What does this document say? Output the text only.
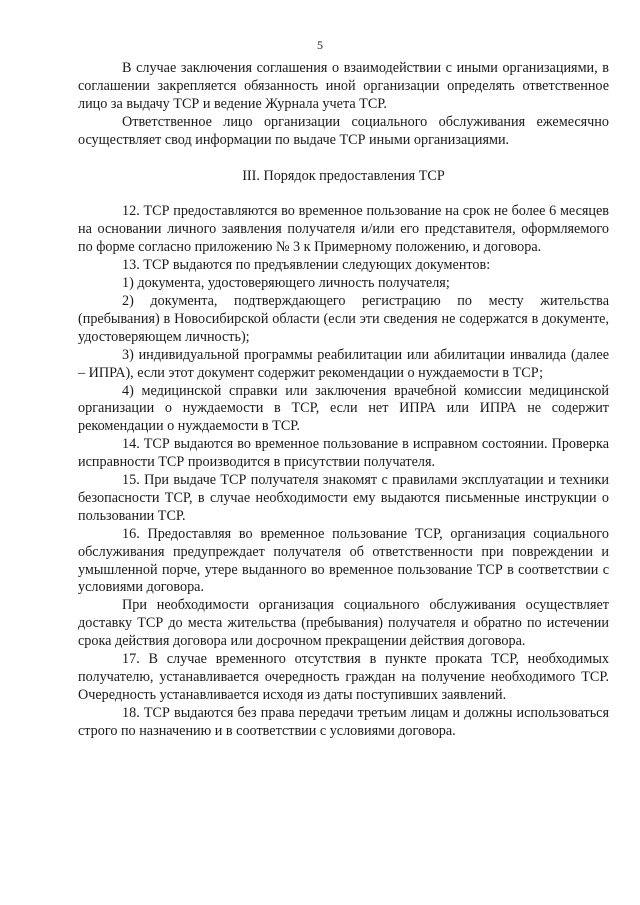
5

В случае заключения соглашения о взаимодействии с иными организациями, в соглашении закрепляется обязанность иной организации определять ответственное лицо за выдачу ТСР и ведение Журнала учета ТСР.

Ответственное лицо организации социального обслуживания ежемесячно осуществляет свод информации по выдаче ТСР иными организациями.

III. Порядок предоставления ТСР

12. ТСР предоставляются во временное пользование на срок не более 6 месяцев на основании личного заявления получателя и/или его представителя, оформляемого по форме согласно приложению № 3 к Примерному положению, и договора.

13. ТСР выдаются по предъявлении следующих документов:

1) документа, удостоверяющего личность получателя;

2) документа, подтверждающего регистрацию по месту жительства (пребывания) в Новосибирской области (если эти сведения не содержатся в документе, удостоверяющем личность);

3) индивидуальной программы реабилитации или абилитации инвалида (далее – ИПРА), если этот документ содержит рекомендации о нуждаемости в ТСР;

4) медицинской справки или заключения врачебной комиссии медицинской организации о нуждаемости в ТСР, если нет ИПРА или ИПРА не содержит рекомендации о нуждаемости в ТСР.

14. ТСР выдаются во временное пользование в исправном состоянии. Проверка исправности ТСР производится в присутствии получателя.

15. При выдаче ТСР получателя знакомят с правилами эксплуатации и техники безопасности ТСР, в случае необходимости ему выдаются письменные инструкции о пользовании ТСР.

16. Предоставляя во временное пользование ТСР, организация социального обслуживания предупреждает получателя об ответственности при повреждении и умышленной порче, утере выданного во временное пользование ТСР в соответствии с условиями договора.

При необходимости организация социального обслуживания осуществляет доставку ТСР до места жительства (пребывания) получателя и обратно по истечении срока действия договора или досрочном прекращении действия договора.

17. В случае временного отсутствия в пункте проката ТСР, необходимых получателю, устанавливается очередность граждан на получение необходимого ТСР. Очередность устанавливается исходя из даты поступивших заявлений.

18. ТСР выдаются без права передачи третьим лицам и должны использоваться строго по назначению и в соответствии с условиями договора.
